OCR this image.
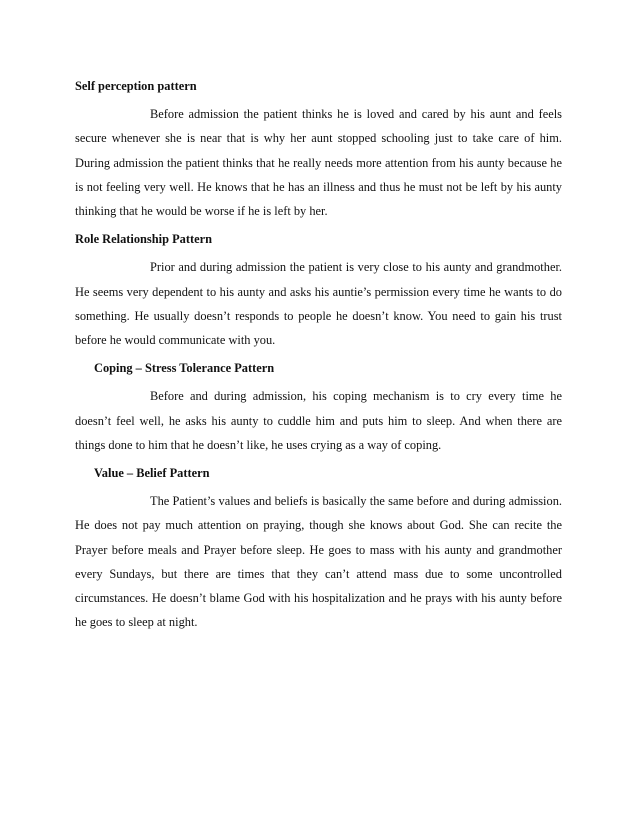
Self perception pattern

Before admission the patient thinks he is loved and cared by his aunt and feels secure whenever she is near that is why her aunt stopped schooling just to take care of him. During admission the patient thinks that he really needs more attention from his aunty because he is not feeling very well. He knows that he has an illness and thus he must not be left by his aunty thinking that he would be worse if he is left by her.

Role Relationship Pattern

Prior and during admission the patient is very close to his aunty and grandmother. He seems very dependent to his aunty and asks his auntie’s permission every time he wants to do something. He usually doesn’t responds to people he doesn’t know. You need to gain his trust before he would communicate with you.

Coping – Stress Tolerance Pattern

Before and during admission, his coping mechanism is to cry every time he doesn’t feel well, he asks his aunty to cuddle him and puts him to sleep. And when there are things done to him that he doesn’t like, he uses crying as a way of coping.

Value – Belief Pattern

The Patient’s values and beliefs is basically the same before and during admission. He does not pay much attention on praying, though she knows about God. She can recite the Prayer before meals and Prayer before sleep. He goes to mass with his aunty and grandmother every Sundays, but there are times that they can’t attend mass due to some uncontrolled circumstances. He doesn’t blame God with his hospitalization and he prays with his aunty before he goes to sleep at night.
